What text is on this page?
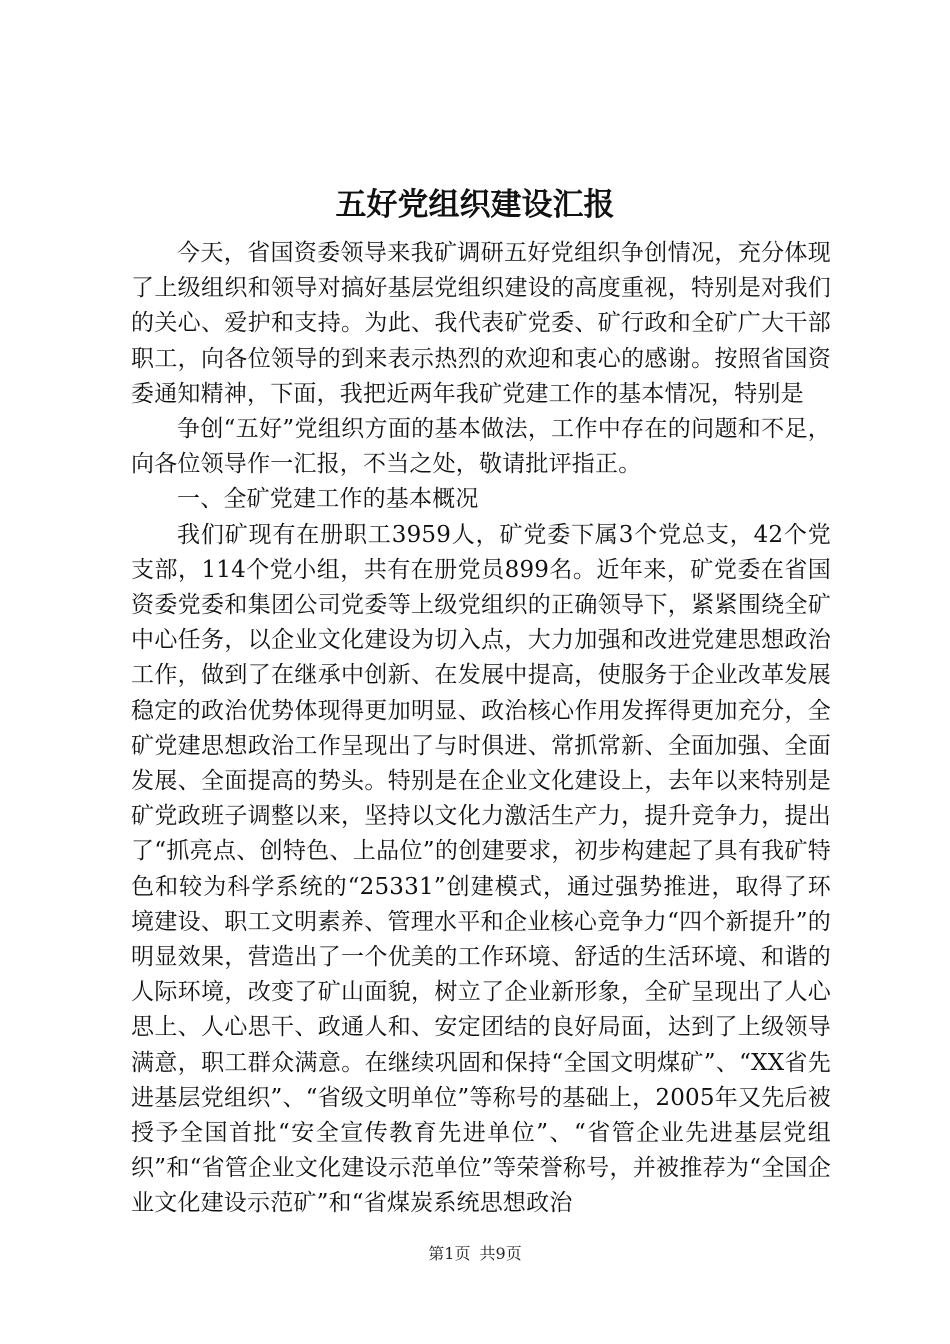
五好党组织建设汇报

今天，省国资委领导来我矿调研五好党组织争创情况，充分体现了上级组织和领导对搞好基层党组织建设的高度重视，特别是对我们的关心、爱护和支持。为此、我代表矿党委、矿行政和全矿广大干部职工，向各位领导的到来表示热烈的欢迎和衷心的感谢。按照省国资委通知精神，下面，我把近两年我矿党建工作的基本情况，特别是

争创“五好”党组织方面的基本做法，工作中存在的问题和不足，向各位领导作一汇报，不当之处，敬请批评指正。

一、全矿党建工作的基本概况

我们矿现有在册职工3959人，矿党委下属3个党总支，42个党支部，114个党小组，共有在册党员899名。近年来，矿党委在省国资委党委和集团公司党委等上级党组织的正确领导下，紧紧围绕全矿中心任务，以企业文化建设为切入点，大力加强和改进党建思想政治工作，做到了在继承中创新、在发展中提高，使服务于企业改革发展稳定的政治优势体现得更加明显、政治核心作用发挥得更加充分，全矿党建思想政治工作呈现出了与时俱进、常抓常新、全面加强、全面发展、全面提高的势头。特别是在企业文化建设上，去年以来特别是矿党政班子调整以来，坚持以文化力激活生产力，提升竞争力，提出了“抓亮点、创特色、上品位”的创建要求，初步构建起了具有我矿特色和较为科学系统的“25331”创建模式，通过强势推进，取得了环境建设、职工文明素养、管理水平和企业核心竞争力“四个新提升”的明显效果，营造出了一个优美的工作环境、舒适的生活环境、和谐的人际环境，改变了矿山面貌，树立了企业新形象，全矿呈现出了人心思上、人心思干、政通人和、安定团结的良好局面，达到了上级领导满意，职工群众满意。在继续巩固和保持“全国文明煤矿”、“XX省先进基层党组织”、“省级文明单位”等称号的基础上，2005年又先后被授予全国首批“安全宣传教育先进单位”、“省管企业先进基层党组织”和“省管企业文化建设示范单位”等荣誉称号，并被推荐为“全国企业文化建设示范矿”和“省煤炭系统思想政治

第1页 共9页
